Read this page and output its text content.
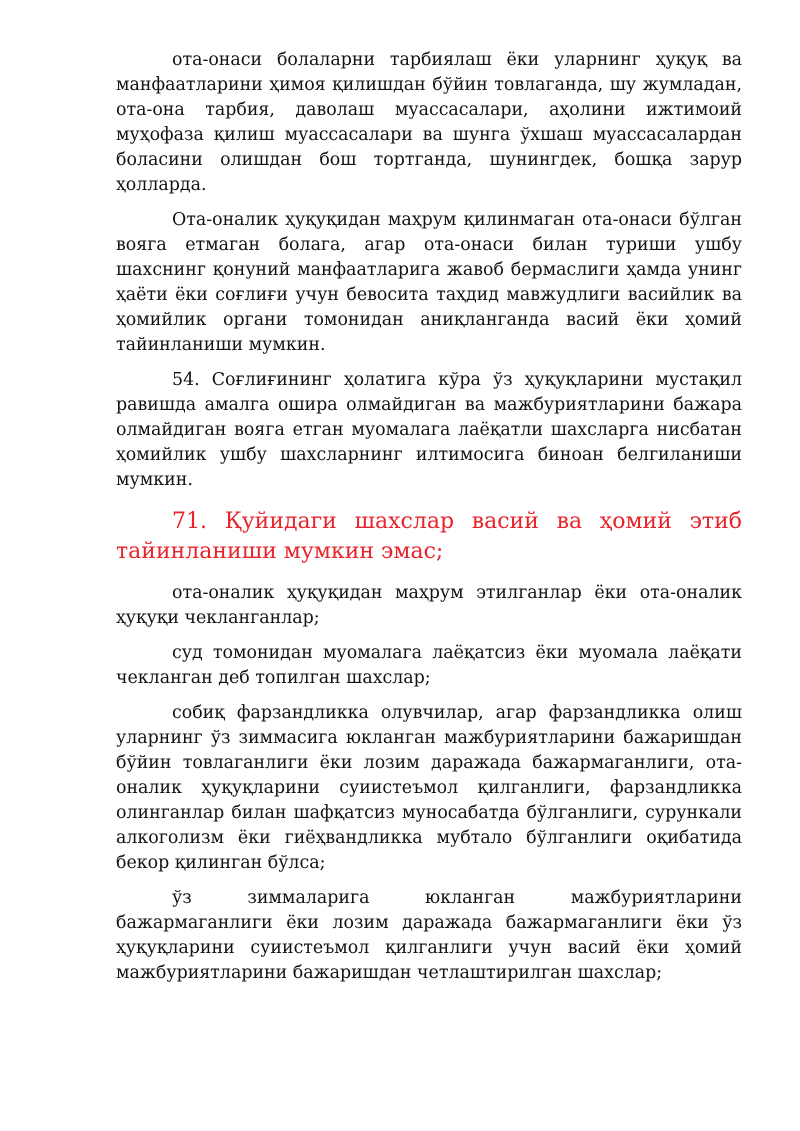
ота-онаси болаларни тарбиялаш ёки уларнинг ҳуқуқ ва манфаатларини ҳимоя қилишдан бўйин товлаганда, шу жумладан, ота-она тарбия, даволаш муассасалари, аҳолини ижтимоий муҳофаза қилиш муассасалари ва шунга ўхшаш муассасалардан боласини олишдан бош тортганда, шунингдек, бошқа зарур ҳолларда.

Ота-оналик ҳуқуқидан маҳрум қилинмаган ота-онаси бўлган вояга етмаган болага, агар ота-онаси билан туриши ушбу шахснинг қонуний манфаатларига жавоб бермаслиги ҳамда унинг ҳаёти ёки соғлиғи учун бевосита таҳдид мавжудлиги васийлик ва ҳомийлик органи томонидан аниқланганда васий ёки ҳомий тайинланиши мумкин.

54. Соғлиғининг ҳолатига кўра ўз ҳуқуқларини мустақил равишда амалга ошира олмайдиган ва мажбуриятларини бажара олмайдиган вояга етган муомалага лаёқатли шахсларга нисбатан ҳомийлик ушбу шахсларнинг илтимосига биноан белгиланиши мумкин.

71. Қуйидаги шахслар васий ва ҳомий этиб тайинланиши мумкин эмас;

ота-оналик ҳуқуқидан маҳрум этилганлар ёки ота-оналик ҳуқуқи чекланганлар;

суд томонидан муомалага лаёқатсиз ёки муомала лаёқати чекланган деб топилган шахслар;

собиқ фарзандликка олувчилар, агар фарзандликка олиш уларнинг ўз зиммасига юкланган мажбуриятларини бажаришдан бўйин товлаганлиги ёки лозим даражада бажармаганлиги, ота-оналик ҳуқуқларини суиистеъмол қилганлиги, фарзандликка олинганлар билан шафқатсиз муносабатда бўлганлиги, сурункали алкоголизм ёки гиёҳвандликка мубтало бўлганлиги оқибатида бекор қилинган бўлса;

ўз зиммаларига юкланган мажбуриятларини бажармаганлиги ёки лозим даражада бажармаганлиги ёки ўз ҳуқуқларини суиистеъмол қилганлиги учун васий ёки ҳомий мажбуриятларини бажаришдан четлаштирилган шахслар;
